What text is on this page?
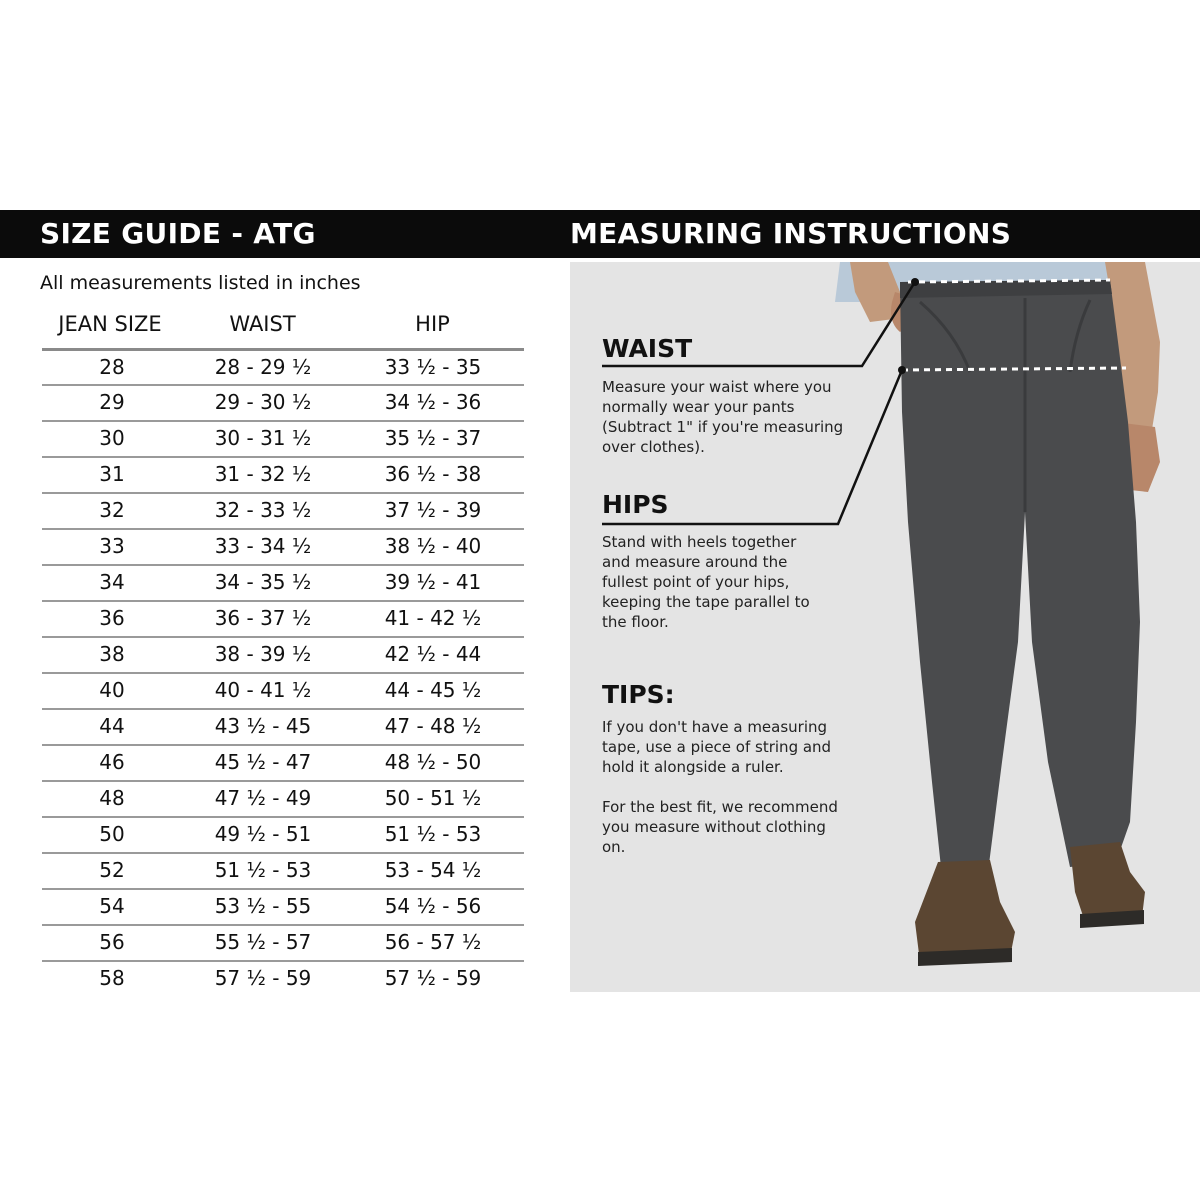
SIZE GUIDE - ATG	MEASURING INSTRUCTIONS
All measurements listed in inches
JEAN SIZE	WAIST	HIP
28	28 - 29 ½	33 ½ - 35
29	29 - 30 ½	34 ½ - 36
30	30 - 31 ½	35 ½ - 37
31	31 - 32 ½	36 ½ - 38
32	32 - 33 ½	37 ½ - 39
33	33 - 34 ½	38 ½ - 40
34	34 - 35 ½	39 ½ - 41
36	36 - 37 ½	41 - 42 ½
38	38 - 39 ½	42 ½ - 44
40	40 - 41 ½	44 - 45 ½
44	43 ½ - 45	47 - 48 ½
46	45 ½ - 47	48 ½ - 50
48	47 ½ - 49	50 - 51 ½
50	49 ½ - 51	51 ½ - 53
52	51 ½ - 53	53 - 54 ½
54	53 ½ - 55	54 ½ - 56
56	55 ½ - 57	56 - 57 ½
58	57 ½ - 59	57 ½ - 59
WAIST

Measure your waist where you normally wear your pants (Subtract 1" if you're measuring over clothes).

HIPS

Stand with heels together and measure around the fullest point of your hips, keeping the tape parallel to the floor.

TIPS:

If you don't have a measuring tape, use a piece of string and hold it alongside a ruler.

For the best fit, we recommend you measure without clothing on.
